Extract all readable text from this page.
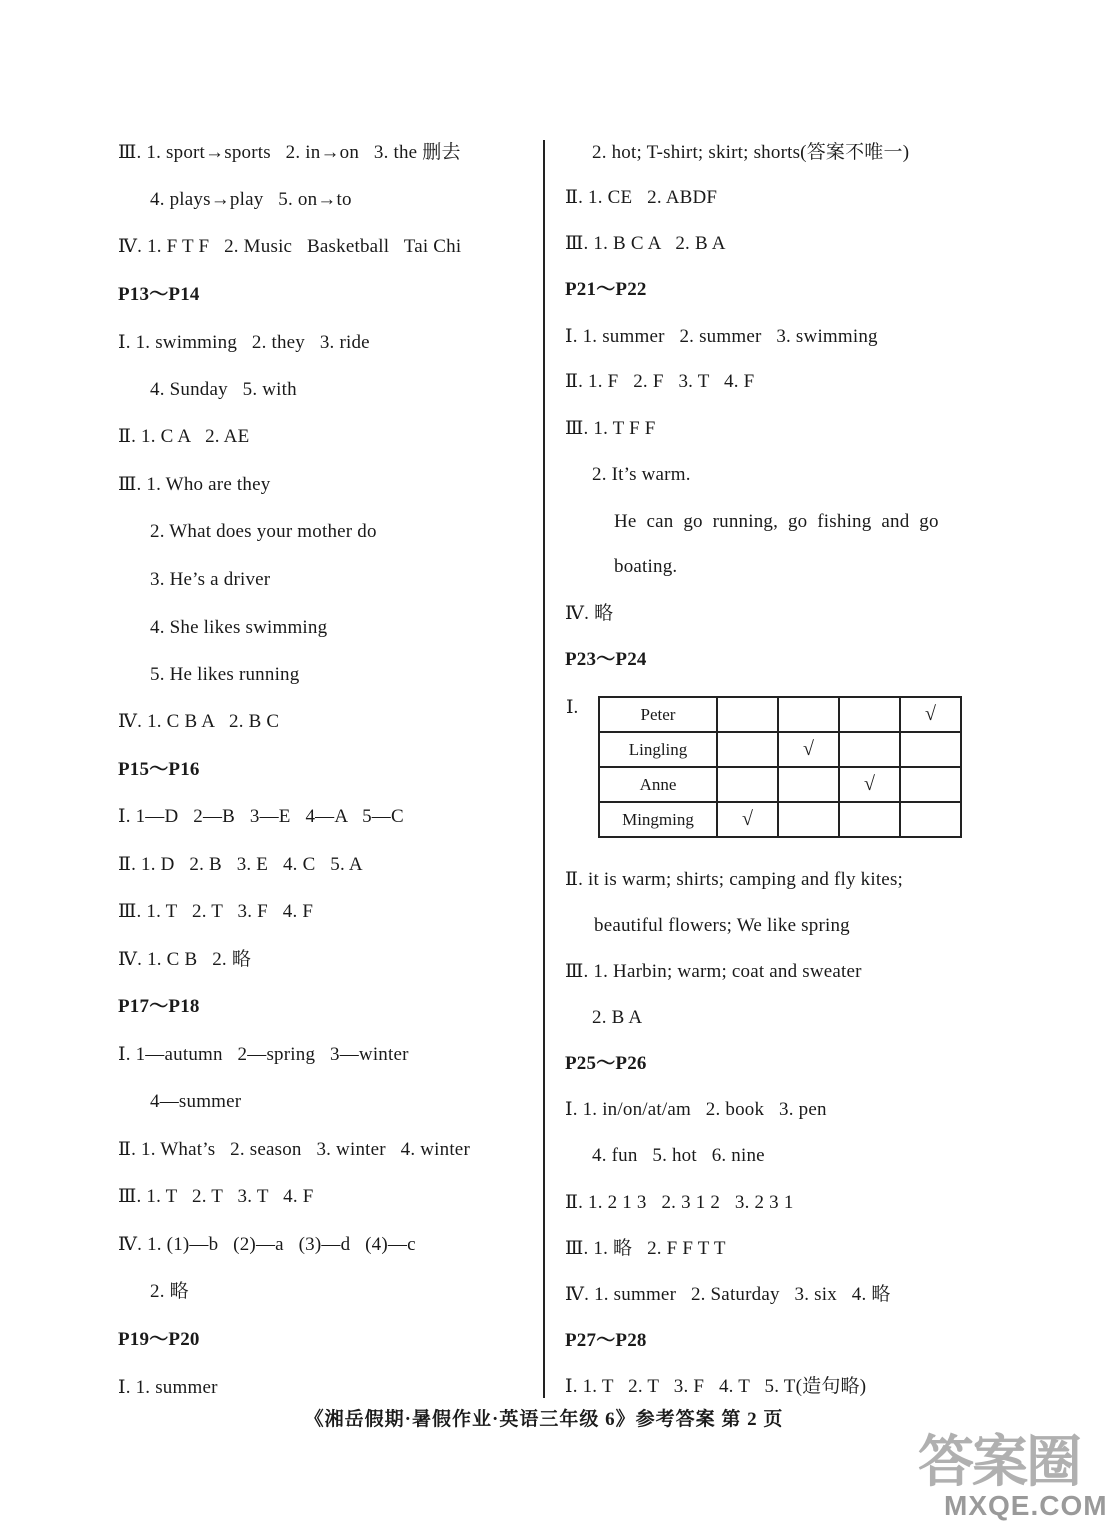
Ⅲ. 1. sport→sports   2. in→on   3. the 删去
4. plays→play   5. on→to
Ⅳ. 1. F T F   2. Music   Basketball   Tai Chi
P13～P14
Ⅰ. 1. swimming   2. they   3. ride
4. Sunday   5. with
Ⅱ. 1. C A   2. AE
Ⅲ. 1. Who are they
2. What does your mother do
3. He’s a driver
4. She likes swimming
5. He likes running
Ⅳ. 1. C B A   2. B C
P15～P16
Ⅰ. 1—D   2—B   3—E   4—A   5—C
Ⅱ. 1. D   2. B   3. E   4. C   5. A
Ⅲ. 1. T   2. T   3. F   4. F
Ⅳ. 1. C B   2. 略
P17～P18
Ⅰ. 1—autumn   2—spring   3—winter
4—summer
Ⅱ. 1. What’s   2. season   3. winter   4. winter
Ⅲ. 1. T   2. T   3. T   4. F
Ⅳ. 1. (1)—b   (2)—a   (3)—d   (4)—c
2. 略
P19～P20
Ⅰ. 1. summer
2. hot; T-shirt; skirt; shorts(答案不唯一)
Ⅱ. 1. CE   2. ABDF
Ⅲ. 1. B C A   2. B A
P21～P22
Ⅰ. 1. summer   2. summer   3. swimming
Ⅱ. 1. F   2. F   3. T   4. F
Ⅲ. 1. T F F
2. It’s warm.
He  can  go  running,  go  fishing  and  go
boating.
Ⅳ. 略
P23～P24
Ⅰ.	Peter				√
Lingling		√		
Anne			√	
Mingming	√			
Ⅱ. it is warm; shirts; camping and fly kites;
beautiful flowers; We like spring
Ⅲ. 1. Harbin; warm; coat and sweater
2. B A
P25～P26
Ⅰ. 1. in/on/at/am   2. book   3. pen
4. fun   5. hot   6. nine
Ⅱ. 1. 2 1 3   2. 3 1 2   3. 2 3 1
Ⅲ. 1. 略   2. F F T T
Ⅳ. 1. summer   2. Saturday   3. six   4. 略
P27～P28
Ⅰ. 1. T   2. T   3. F   4. T   5. T(造句略)
《湘岳假期·暑假作业·英语三年级 6》参考答案 第 2 页
答
案
圈
MXQE.COM
